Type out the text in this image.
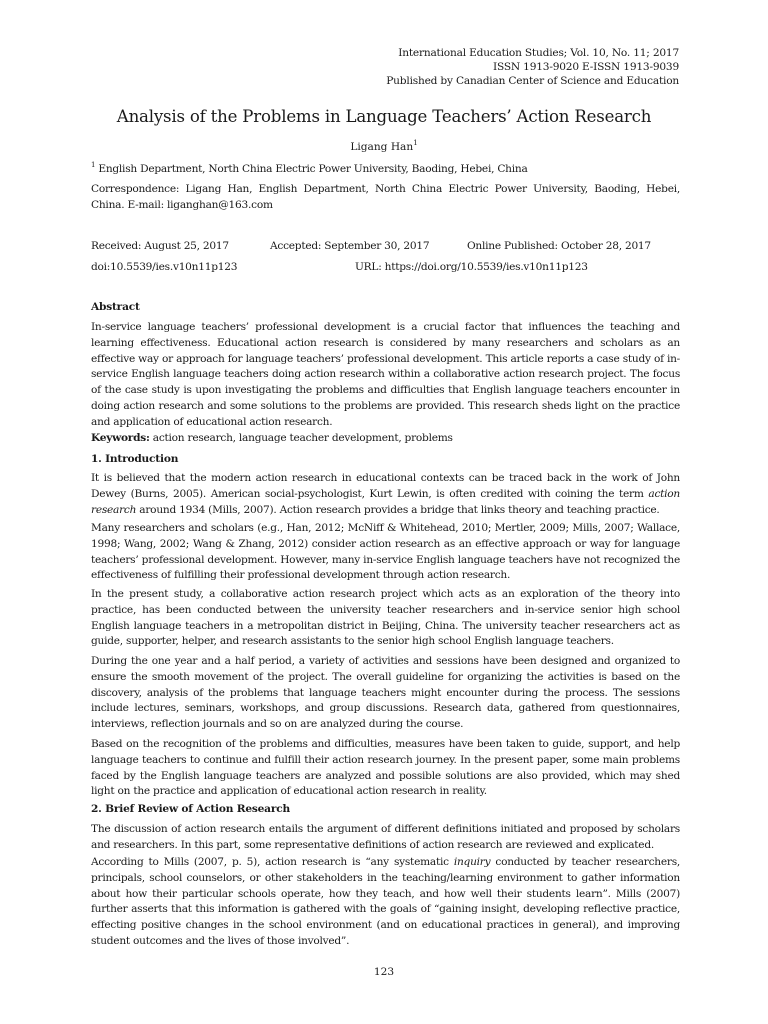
International Education Studies; Vol. 10, No. 11; 2017
ISSN 1913-9020 E-ISSN 1913-9039
Published by Canadian Center of Science and Education
Analysis of the Problems in Language Teachers’ Action Research
Ligang Han$^1$

$^1$ English Department, North China Electric Power University, Baoding, Hebei, China

Correspondence: Ligang Han, English Department, North China Electric Power University, Baoding, Hebei, China. E-mail: liganghan@163.com

Received: August 25, 2017	Accepted: September 30, 2017	Online Published: October 28, 2017
doi:10.5539/ies.v10n11p123	URL: https://doi.org/10.5539/ies.v10n11p123
Abstract

In-service language teachers’ professional development is a crucial factor that influences the teaching and learning effectiveness. Educational action research is considered by many researchers and scholars as an effective way or approach for language teachers’ professional development. This article reports a case study of in-service English language teachers doing action research within a collaborative action research project. The focus of the case study is upon investigating the problems and difficulties that English language teachers encounter in doing action research and some solutions to the problems are provided. This research sheds light on the practice and application of educational action research.

Keywords: action research, language teacher development, problems

1. Introduction

It is believed that the modern action research in educational contexts can be traced back in the work of John Dewey (Burns, 2005). American social-psychologist, Kurt Lewin, is often credited with coining the term action research around 1934 (Mills, 2007). Action research provides a bridge that links theory and teaching practice.

Many researchers and scholars (e.g., Han, 2012; McNiff & Whitehead, 2010; Mertler, 2009; Mills, 2007; Wallace, 1998; Wang, 2002; Wang & Zhang, 2012) consider action research as an effective approach or way for language teachers’ professional development. However, many in-service English language teachers have not recognized the effectiveness of fulfilling their professional development through action research.

In the present study, a collaborative action research project which acts as an exploration of the theory into practice, has been conducted between the university teacher researchers and in-service senior high school English language teachers in a metropolitan district in Beijing, China. The university teacher researchers act as guide, supporter, helper, and research assistants to the senior high school English language teachers.

During the one year and a half period, a variety of activities and sessions have been designed and organized to ensure the smooth movement of the project. The overall guideline for organizing the activities is based on the discovery, analysis of the problems that language teachers might encounter during the process. The sessions include lectures, seminars, workshops, and group discussions. Research data, gathered from questionnaires, interviews, reflection journals and so on are analyzed during the course.

Based on the recognition of the problems and difficulties, measures have been taken to guide, support, and help language teachers to continue and fulfill their action research journey. In the present paper, some main problems faced by the English language teachers are analyzed and possible solutions are also provided, which may shed light on the practice and application of educational action research in reality.

2. Brief Review of Action Research

The discussion of action research entails the argument of different definitions initiated and proposed by scholars and researchers. In this part, some representative definitions of action research are reviewed and explicated.

According to Mills (2007, p. 5), action research is “any systematic inquiry conducted by teacher researchers, principals, school counselors, or other stakeholders in the teaching/learning environment to gather information about how their particular schools operate, how they teach, and how well their students learn”. Mills (2007) further asserts that this information is gathered with the goals of “gaining insight, developing reflective practice, effecting positive changes in the school environment (and on educational practices in general), and improving student outcomes and the lives of those involved”.

123
